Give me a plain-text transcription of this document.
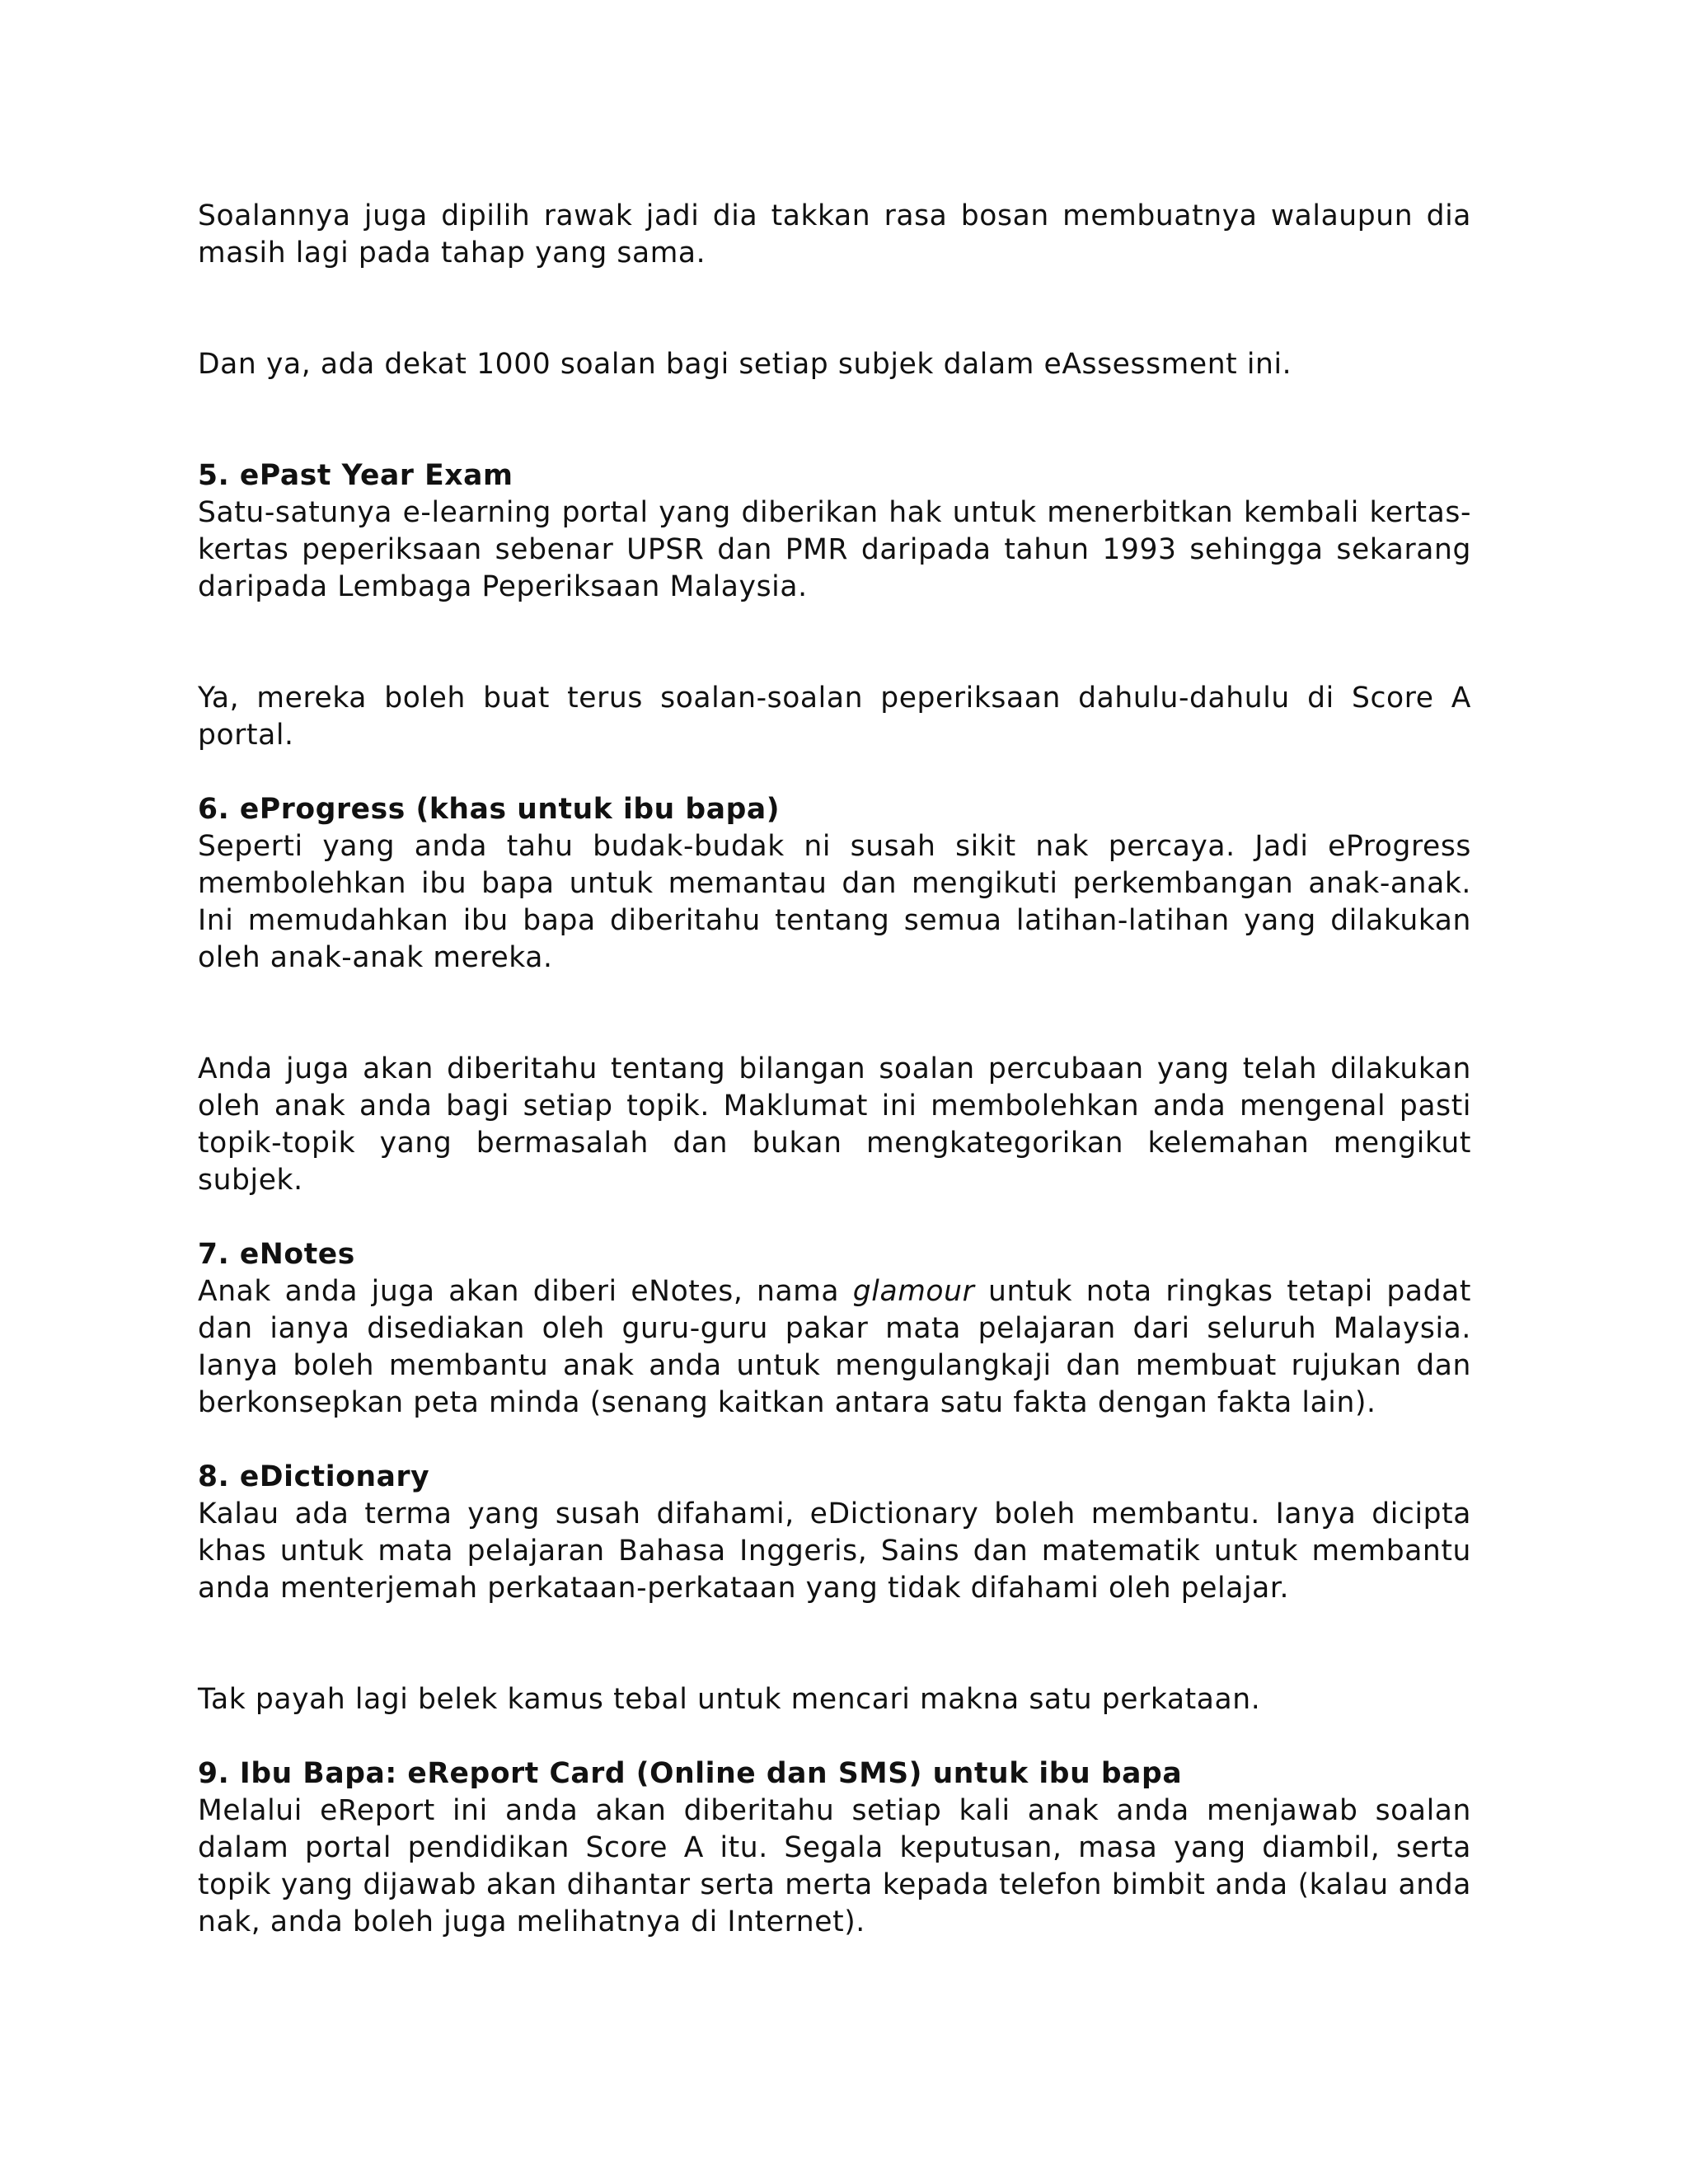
Soalannya juga dipilih rawak jadi dia takkan rasa bosan membuatnya walaupun dia masih lagi pada tahap yang sama.

Dan ya, ada dekat 1000 soalan bagi setiap subjek dalam eAssessment ini.

5. ePast Year Exam

Satu-satunya e-learning portal yang diberikan hak untuk menerbitkan kembali kertas-kertas peperiksaan sebenar UPSR dan PMR daripada tahun 1993 sehingga sekarang daripada Lembaga Peperiksaan Malaysia.

Ya, mereka boleh buat terus soalan-soalan peperiksaan dahulu-dahulu di Score A portal.

6. eProgress (khas untuk ibu bapa)

Seperti yang anda tahu budak-budak ni susah sikit nak percaya. Jadi eProgress membolehkan ibu bapa untuk memantau dan mengikuti perkembangan anak-anak. Ini memudahkan ibu bapa diberitahu tentang semua latihan-latihan yang dilakukan oleh anak-anak mereka.

Anda juga akan diberitahu tentang bilangan soalan percubaan yang telah dilakukan oleh anak anda bagi setiap topik. Maklumat ini membolehkan anda mengenal pasti topik-topik yang bermasalah dan bukan mengkategorikan kelemahan mengikut subjek.

7. eNotes

Anak anda juga akan diberi eNotes, nama glamour untuk nota ringkas tetapi padat dan ianya disediakan oleh guru-guru pakar mata pelajaran dari seluruh Malaysia. Ianya boleh membantu anak anda untuk mengulangkaji dan membuat rujukan dan berkonsepkan peta minda (senang kaitkan antara satu fakta dengan fakta lain).

8. eDictionary

Kalau ada terma yang susah difahami, eDictionary boleh membantu. Ianya dicipta khas untuk mata pelajaran Bahasa Inggeris, Sains dan matematik untuk membantu anda menterjemah perkataan-perkataan yang tidak difahami oleh pelajar.

Tak payah lagi belek kamus tebal untuk mencari makna satu perkataan.

9. Ibu Bapa: eReport Card (Online dan SMS) untuk ibu bapa

Melalui eReport ini anda akan diberitahu setiap kali anak anda menjawab soalan dalam portal pendidikan Score A itu. Segala keputusan, masa yang diambil, serta topik yang dijawab akan dihantar serta merta kepada telefon bimbit anda (kalau anda nak, anda boleh juga melihatnya di Internet).
